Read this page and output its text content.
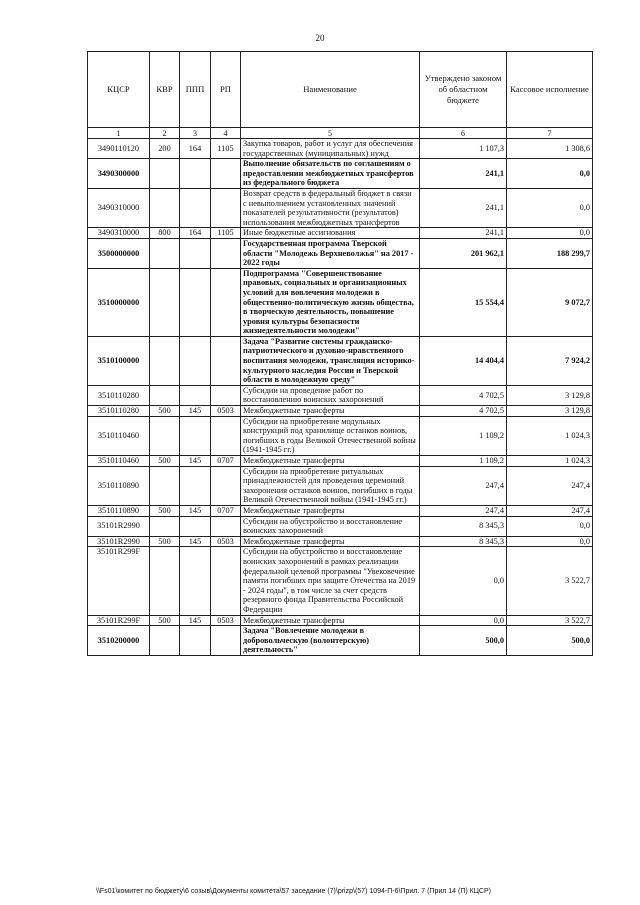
20
КЦСР	КВР	ППП	РП	Наименование	Утверждено законом об областном бюджете	Кассовое исполнение
1	2	3	4	5	6	7
3490110120	200	164	1105	Закупка товаров, работ и услуг для обеспечения государственных (муниципальных) нужд	1 107,3	1 308,6
3490300000				Выполнение обязательств по соглашениям о предоставлении межбюджетных трансфертов из федерального бюджета	241,1	0,0
3490310000				Возврат средств в федеральный бюджет в связи с невыполнением установленных значений показателей результативности (результатов) использования межбюджетных трансфертов	241,1	0,0
3490310000	800	164	1105	Иные бюджетные ассигнования	241,1	0,0
3500000000				Государственная программа Тверской области "Молодежь Верхневолжья" на 2017 - 2022 годы	201 962,1	188 299,7
3510000000				Подпрограмма "Совершенствование правовых, социальных и организационных условий для вовлечения молодежи в общественно-политическую жизнь общества, в творческую деятельность, повышение уровня культуры безопасности жизнедеятельности молодежи"	15 554,4	9 072,7
3510100000				Задача "Развитие системы гражданско-патриотического и духовно-нравственного воспитания молодежи, трансляция историко-культурного наследия России и Тверской области в молодежную среду"	14 404,4	7 924,2
3510110280				Субсидии на проведение работ по восстановлению воинских захоронений	4 702,5	3 129,8
3510110280	500	145	0503	Межбюджетные трансферты	4 702,5	3 129,8
3510110460				Субсидии на приобретение модульных конструкций под хранилище останков воинов, погибших в годы Великой Отечественной войны (1941-1945 гг.)	1 109,2	1 024,3
3510110460	500	145	0707	Межбюджетные трансферты	1 109,2	1 024,3
3510110890				Субсидии на приобретение ритуальных принадлежностей для проведения церемоний захоронения останков воинов, погибших в годы Великой Отечественной войны (1941-1945 гг.)	247,4	247,4
3510110890	500	145	0707	Межбюджетные трансферты	247,4	247,4
35101R2990				Субсидии на обустройство и восстановление воинских захоронений	8 345,3	0,0
35101R2990	500	145	0503	Межбюджетные трансферты	8 345,3	0,0
35101R299F				Субсидии на обустройство и восстановление воинских захоронений в рамках реализации федеральной целевой программы "Увековечение памяти погибших при защите Отечества на 2019 - 2024 годы", в том числе за счет средств резервного фонда Правительства Российской Федерации	0,0	3 522,7
35101R299F	500	145	0503	Межбюджетные трансферты	0,0	3 522,7
3510200000				Задача "Вовлечение молодежи в добровольческую (волонтерскую) деятельность"	500,0	500,0
\\Fs01\комитет по бюджету\6 созыв\Документы комитета\57 заседание (7)\prizp\(57) 1094-П-6\Прил. 7 (Прил 14 (П) КЦСР)
